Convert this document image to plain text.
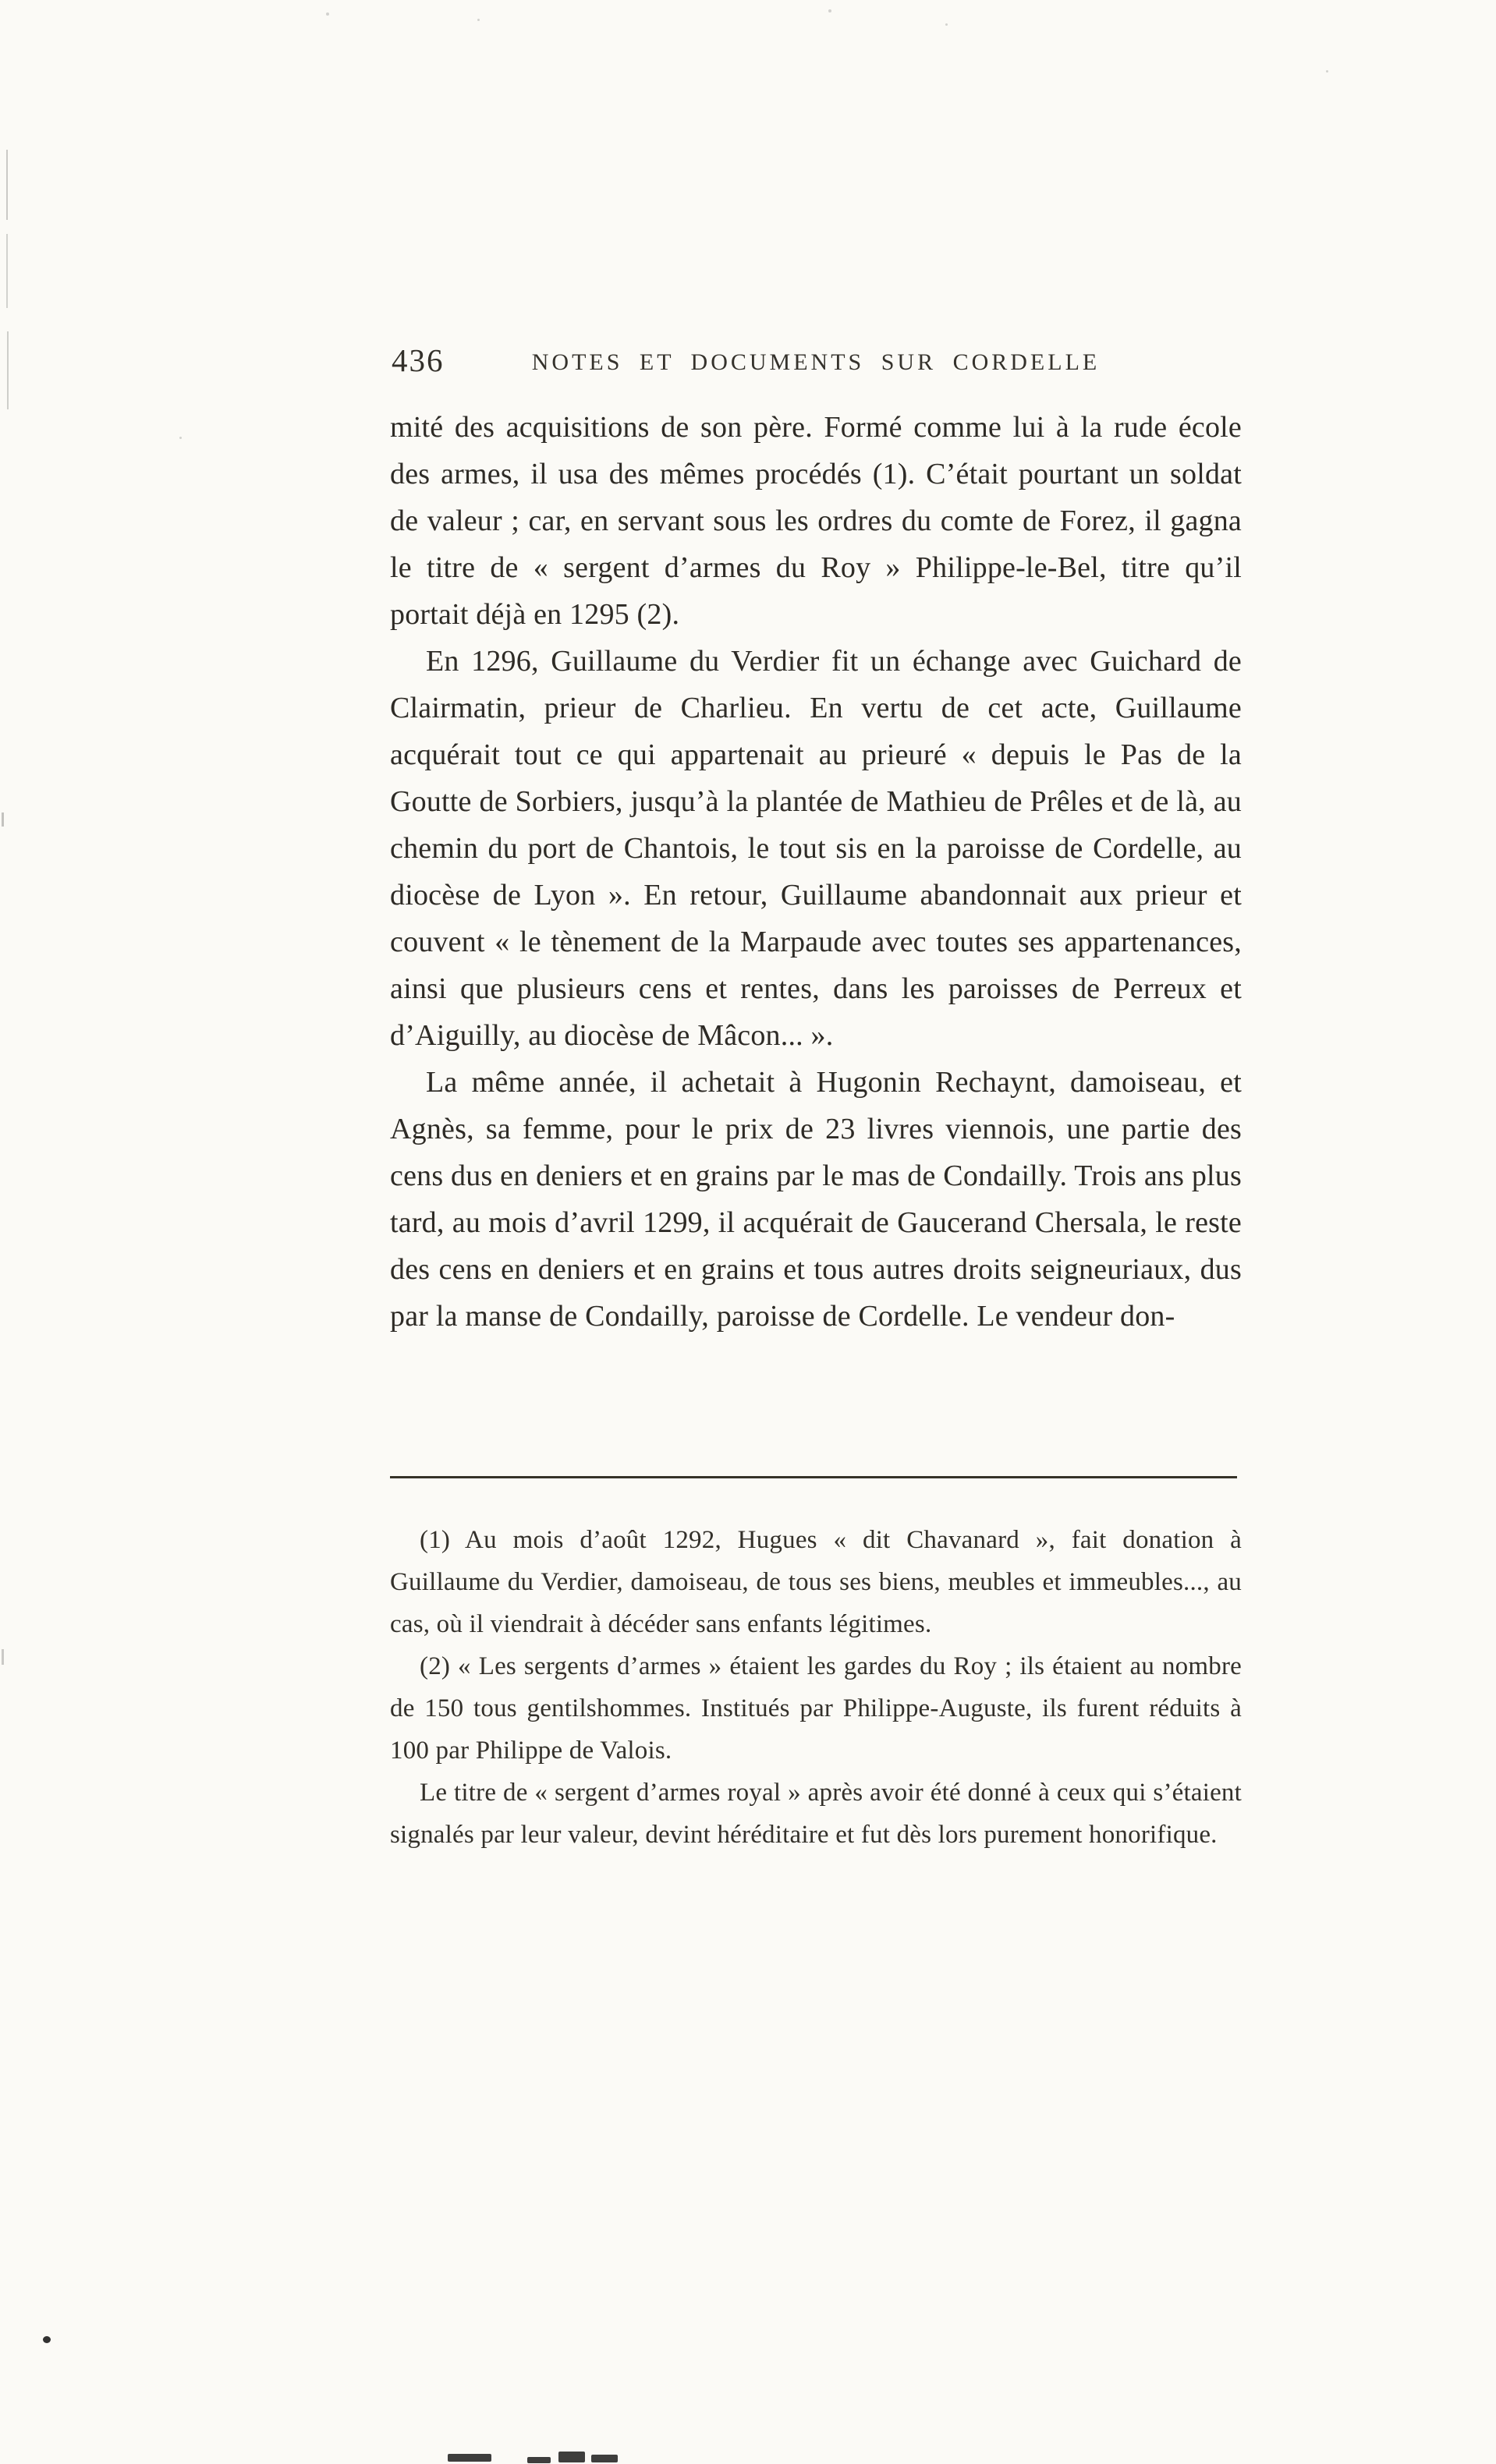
436	NOTES ET DOCUMENTS SUR CORDELLE

mité des acquisitions de son père. Formé comme lui à la rude école des armes, il usa des mêmes procédés (1). C’était pourtant un soldat de valeur ; car, en servant sous les ordres du comte de Forez, il gagna le titre de « sergent d’armes du Roy » Philippe-le-Bel, titre qu’il portait déjà en 1295 (2).

En 1296, Guillaume du Verdier fit un échange avec Guichard de Clairmatin, prieur de Charlieu. En vertu de cet acte, Guillaume acquérait tout ce qui appartenait au prieuré « depuis le Pas de la Goutte de Sorbiers, jusqu’à la plantée de Mathieu de Prêles et de là, au chemin du port de Chantois, le tout sis en la paroisse de Cordelle, au diocèse de Lyon ». En retour, Guillaume abandonnait aux prieur et couvent « le tènement de la Marpaude avec toutes ses appartenances, ainsi que plusieurs cens et rentes, dans les paroisses de Perreux et d’Aiguilly, au diocèse de Mâcon... ».

La même année, il achetait à Hugonin Rechaynt, damoiseau, et Agnès, sa femme, pour le prix de 23 livres viennois, une partie des cens dus en deniers et en grains par le mas de Condailly. Trois ans plus tard, au mois d’avril 1299, il acquérait de Gaucerand Chersala, le reste des cens en deniers et en grains et tous autres droits seigneuriaux, dus par la manse de Condailly, paroisse de Cordelle. Le vendeur don-

(1) Au mois d’août 1292, Hugues « dit Chavanard », fait donation à Guillaume du Verdier, damoiseau, de tous ses biens, meubles et immeubles..., au cas, où il viendrait à décéder sans enfants légitimes.

(2) « Les sergents d’armes » étaient les gardes du Roy ; ils étaient au nombre de 150 tous gentilshommes. Institués par Philippe-Auguste, ils furent réduits à 100 par Philippe de Valois.

Le titre de « sergent d’armes royal » après avoir été donné à ceux qui s’étaient signalés par leur valeur, devint héréditaire et fut dès lors purement honorifique.
